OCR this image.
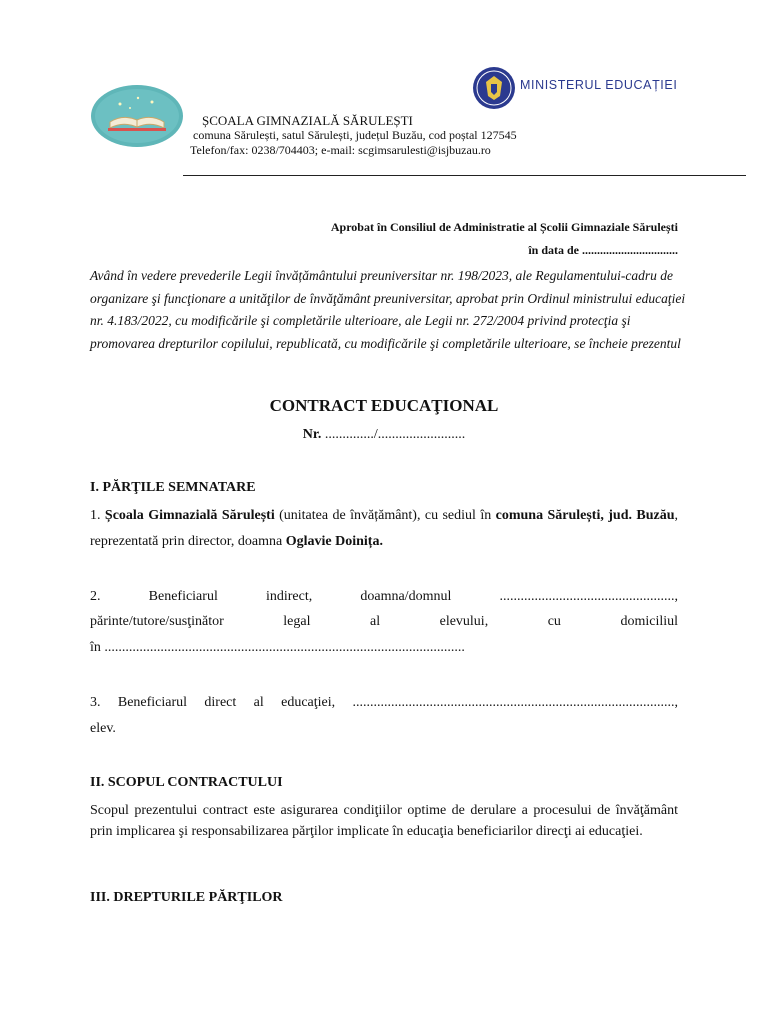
MINISTERUL EDUCAȚIEI
ȘCOALA GIMNAZIALĂ SĂRULEȘTI
comuna Sărulești, satul Sărulești, județul Buzău, cod poștal 127545
Telefon/fax: 0238/704403; e-mail: scgimsarulesti@isjbuzau.ro
Aprobat în Consiliul de Administratie al Școlii Gimnaziale Sărulești
în data de ................................
Având în vedere prevederile Legii învățământului preuniversitar nr. 198/2023, ale Regulamentului-cadru de organizare şi funcţionare a unităţilor de învăţământ preuniversitar, aprobat prin Ordinul ministrului educaţiei nr. 4.183/2022, cu modificările şi completările ulterioare, ale Legii nr. 272/2004 privind protecţia şi promovarea drepturilor copilului, republicată, cu modificările şi completările ulterioare, se încheie prezentul
CONTRACT EDUCAŢIONAL
Nr. ............../.........................
I. PĂRŢILE SEMNATARE
1. Școala Gimnazială Sărulești (unitatea de învățământ), cu sediul în comuna Sărulești, jud. Buzău, reprezentată prin director, doamna Oglavie Doinița.
2. Beneficiarul indirect, doamna/domnul ..................................................,
părinte/tutore/susţinător legal al elevului, cu domiciliul
în .......................................................................................................
3. Beneficiarul direct al educaţiei, ............................................................................................,
elev.
II. SCOPUL CONTRACTULUI
Scopul prezentului contract este asigurarea condiţiilor optime de derulare a procesului de învăţământ prin implicarea şi responsabilizarea părţilor implicate în educaţia beneficiarilor direcţi ai educaţiei.
III. DREPTURILE PĂRŢILOR
